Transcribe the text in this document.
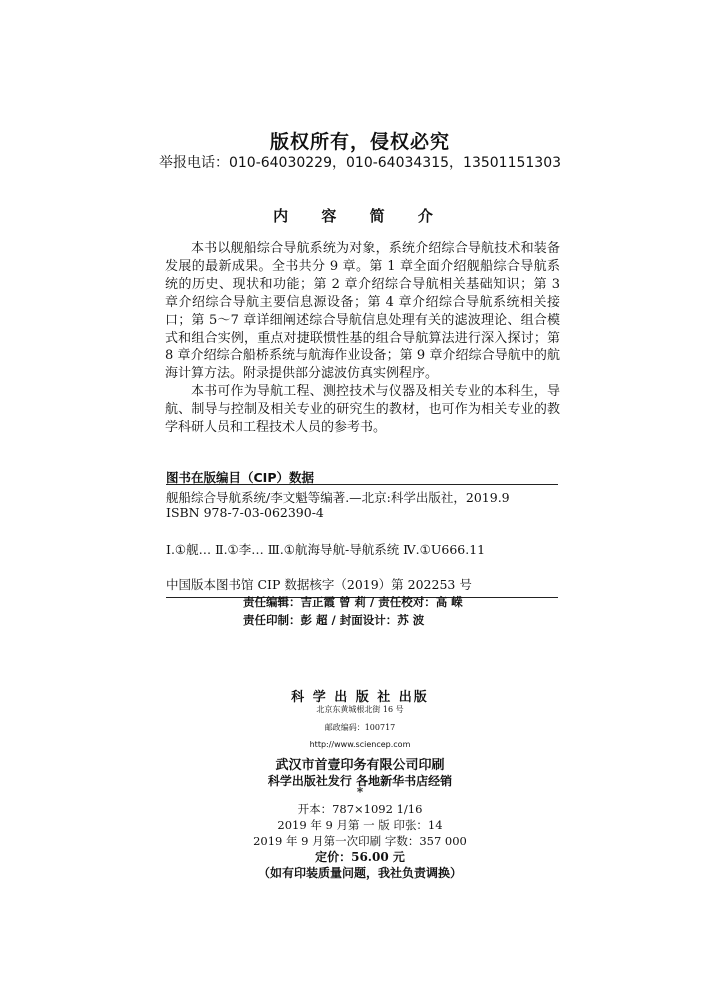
版权所有，侵权必究
举报电话：010-64030229，010-64034315，13501151303
内 容 简 介
本书以舰船综合导航系统为对象，系统介绍综合导航技术和装备发展的最新成果。全书共分 9 章。第 1 章全面介绍舰船综合导航系统的历史、现状和功能；第 2 章介绍综合导航相关基础知识；第 3 章介绍综合导航主要信息源设备；第 4 章介绍综合导航系统相关接口；第 5～7 章详细阐述综合导航信息处理有关的滤波理论、组合模式和组合实例，重点对捷联惯性基的组合导航算法进行深入探讨；第 8 章介绍综合船桥系统与航海作业设备；第 9 章介绍综合导航中的航海计算方法。附录提供部分滤波仿真实例程序。
本书可作为导航工程、测控技术与仪器及相关专业的本科生，导航、制导与控制及相关专业的研究生的教材，也可作为相关专业的教学科研人员和工程技术人员的参考书。
图书在版编目（CIP）数据
舰船综合导航系统/李文魁等编著.—北京:科学出版社，2019.9
ISBN 978-7-03-062390-4
Ⅰ.①舰… Ⅱ.①李… Ⅲ.①航海导航-导航系统 Ⅳ.①U666.11
中国版本图书馆 CIP 数据核字（2019）第 202253 号
责任编辑：吉正霞 曾 莉 / 责任校对：高 嵘
责任印制：彭 超 / 封面设计：苏 波
科 学 出 版 社 出版
北京东黄城根北街 16 号
邮政编码：100717
http://www.sciencep.com
武汉市首壹印务有限公司印刷
科学出版社发行 各地新华书店经销
*
开本：787×1092 1/16
2019 年 9 月第 一 版 印张：14
2019 年 9 月第一次印刷 字数：357 000
定价：56.00 元
（如有印装质量问题，我社负责调换）
